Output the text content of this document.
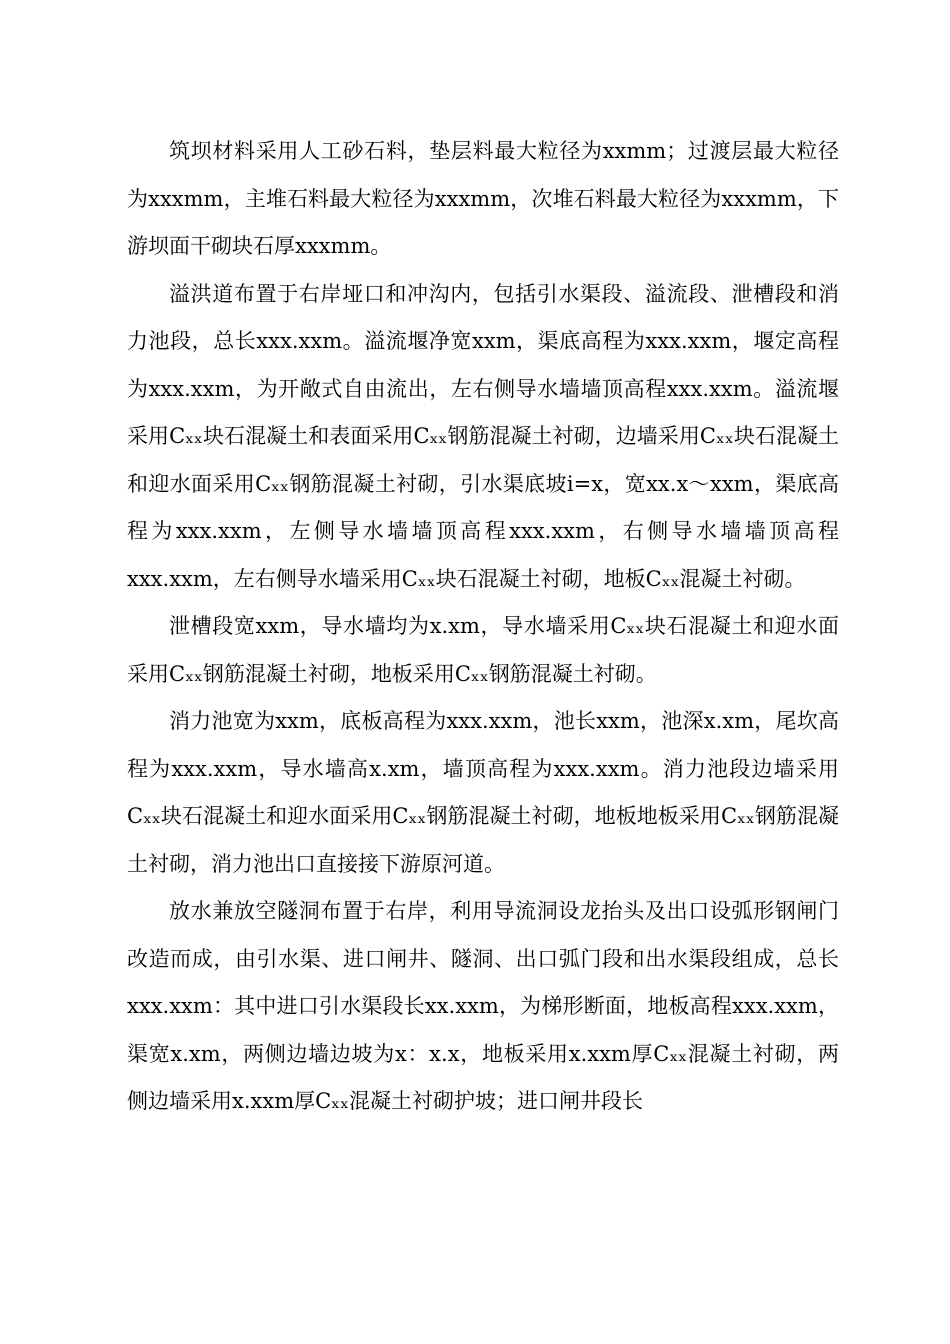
筑坝材料采用人工砂石料，垫层料最大粒径为xxmm；过渡层最大粒径为xxxmm，主堆石料最大粒径为xxxmm，次堆石料最大粒径为xxxmm，下游坝面干砌块石厚xxxmm。

溢洪道布置于右岸垭口和冲沟内，包括引水渠段、溢流段、泄槽段和消力池段，总长xxx.xxm。溢流堰净宽xxm，渠底高程为xxx.xxm，堰定高程为xxx.xxm，为开敞式自由流出，左右侧导水墙墙顶高程xxx.xxm。溢流堰采用Cₓₓ块石混凝土和表面采用Cₓₓ钢筋混凝土衬砌，边墙采用Cₓₓ块石混凝土和迎水面采用Cₓₓ钢筋混凝土衬砌，引水渠底坡i=x，宽xx.x～xxm，渠底高程为xxx.xxm，左侧导水墙墙顶高程xxx.xxm，右侧导水墙墙顶高程xxx.xxm，左右侧导水墙采用Cₓₓ块石混凝土衬砌，地板Cₓₓ混凝土衬砌。

泄槽段宽xxm，导水墙均为x.xm，导水墙采用Cₓₓ块石混凝土和迎水面采用Cₓₓ钢筋混凝土衬砌，地板采用Cₓₓ钢筋混凝土衬砌。

消力池宽为xxm，底板高程为xxx.xxm，池长xxm，池深x.xm，尾坎高程为xxx.xxm，导水墙高x.xm，墙顶高程为xxx.xxm。消力池段边墙采用Cₓₓ块石混凝土和迎水面采用Cₓₓ钢筋混凝土衬砌，地板地板采用Cₓₓ钢筋混凝土衬砌，消力池出口直接接下游原河道。

放水兼放空隧洞布置于右岸，利用导流洞设龙抬头及出口设弧形钢闸门改造而成，由引水渠、进口闸井、隧洞、出口弧门段和出水渠段组成，总长xxx.xxm：其中进口引水渠段长xx.xxm，为梯形断面，地板高程xxx.xxm，渠宽x.xm，两侧边墙边坡为x：x.x，地板采用x.xxm厚Cₓₓ混凝土衬砌，两侧边墙采用x.xxm厚Cₓₓ混凝土衬砌护坡；进口闸井段长
